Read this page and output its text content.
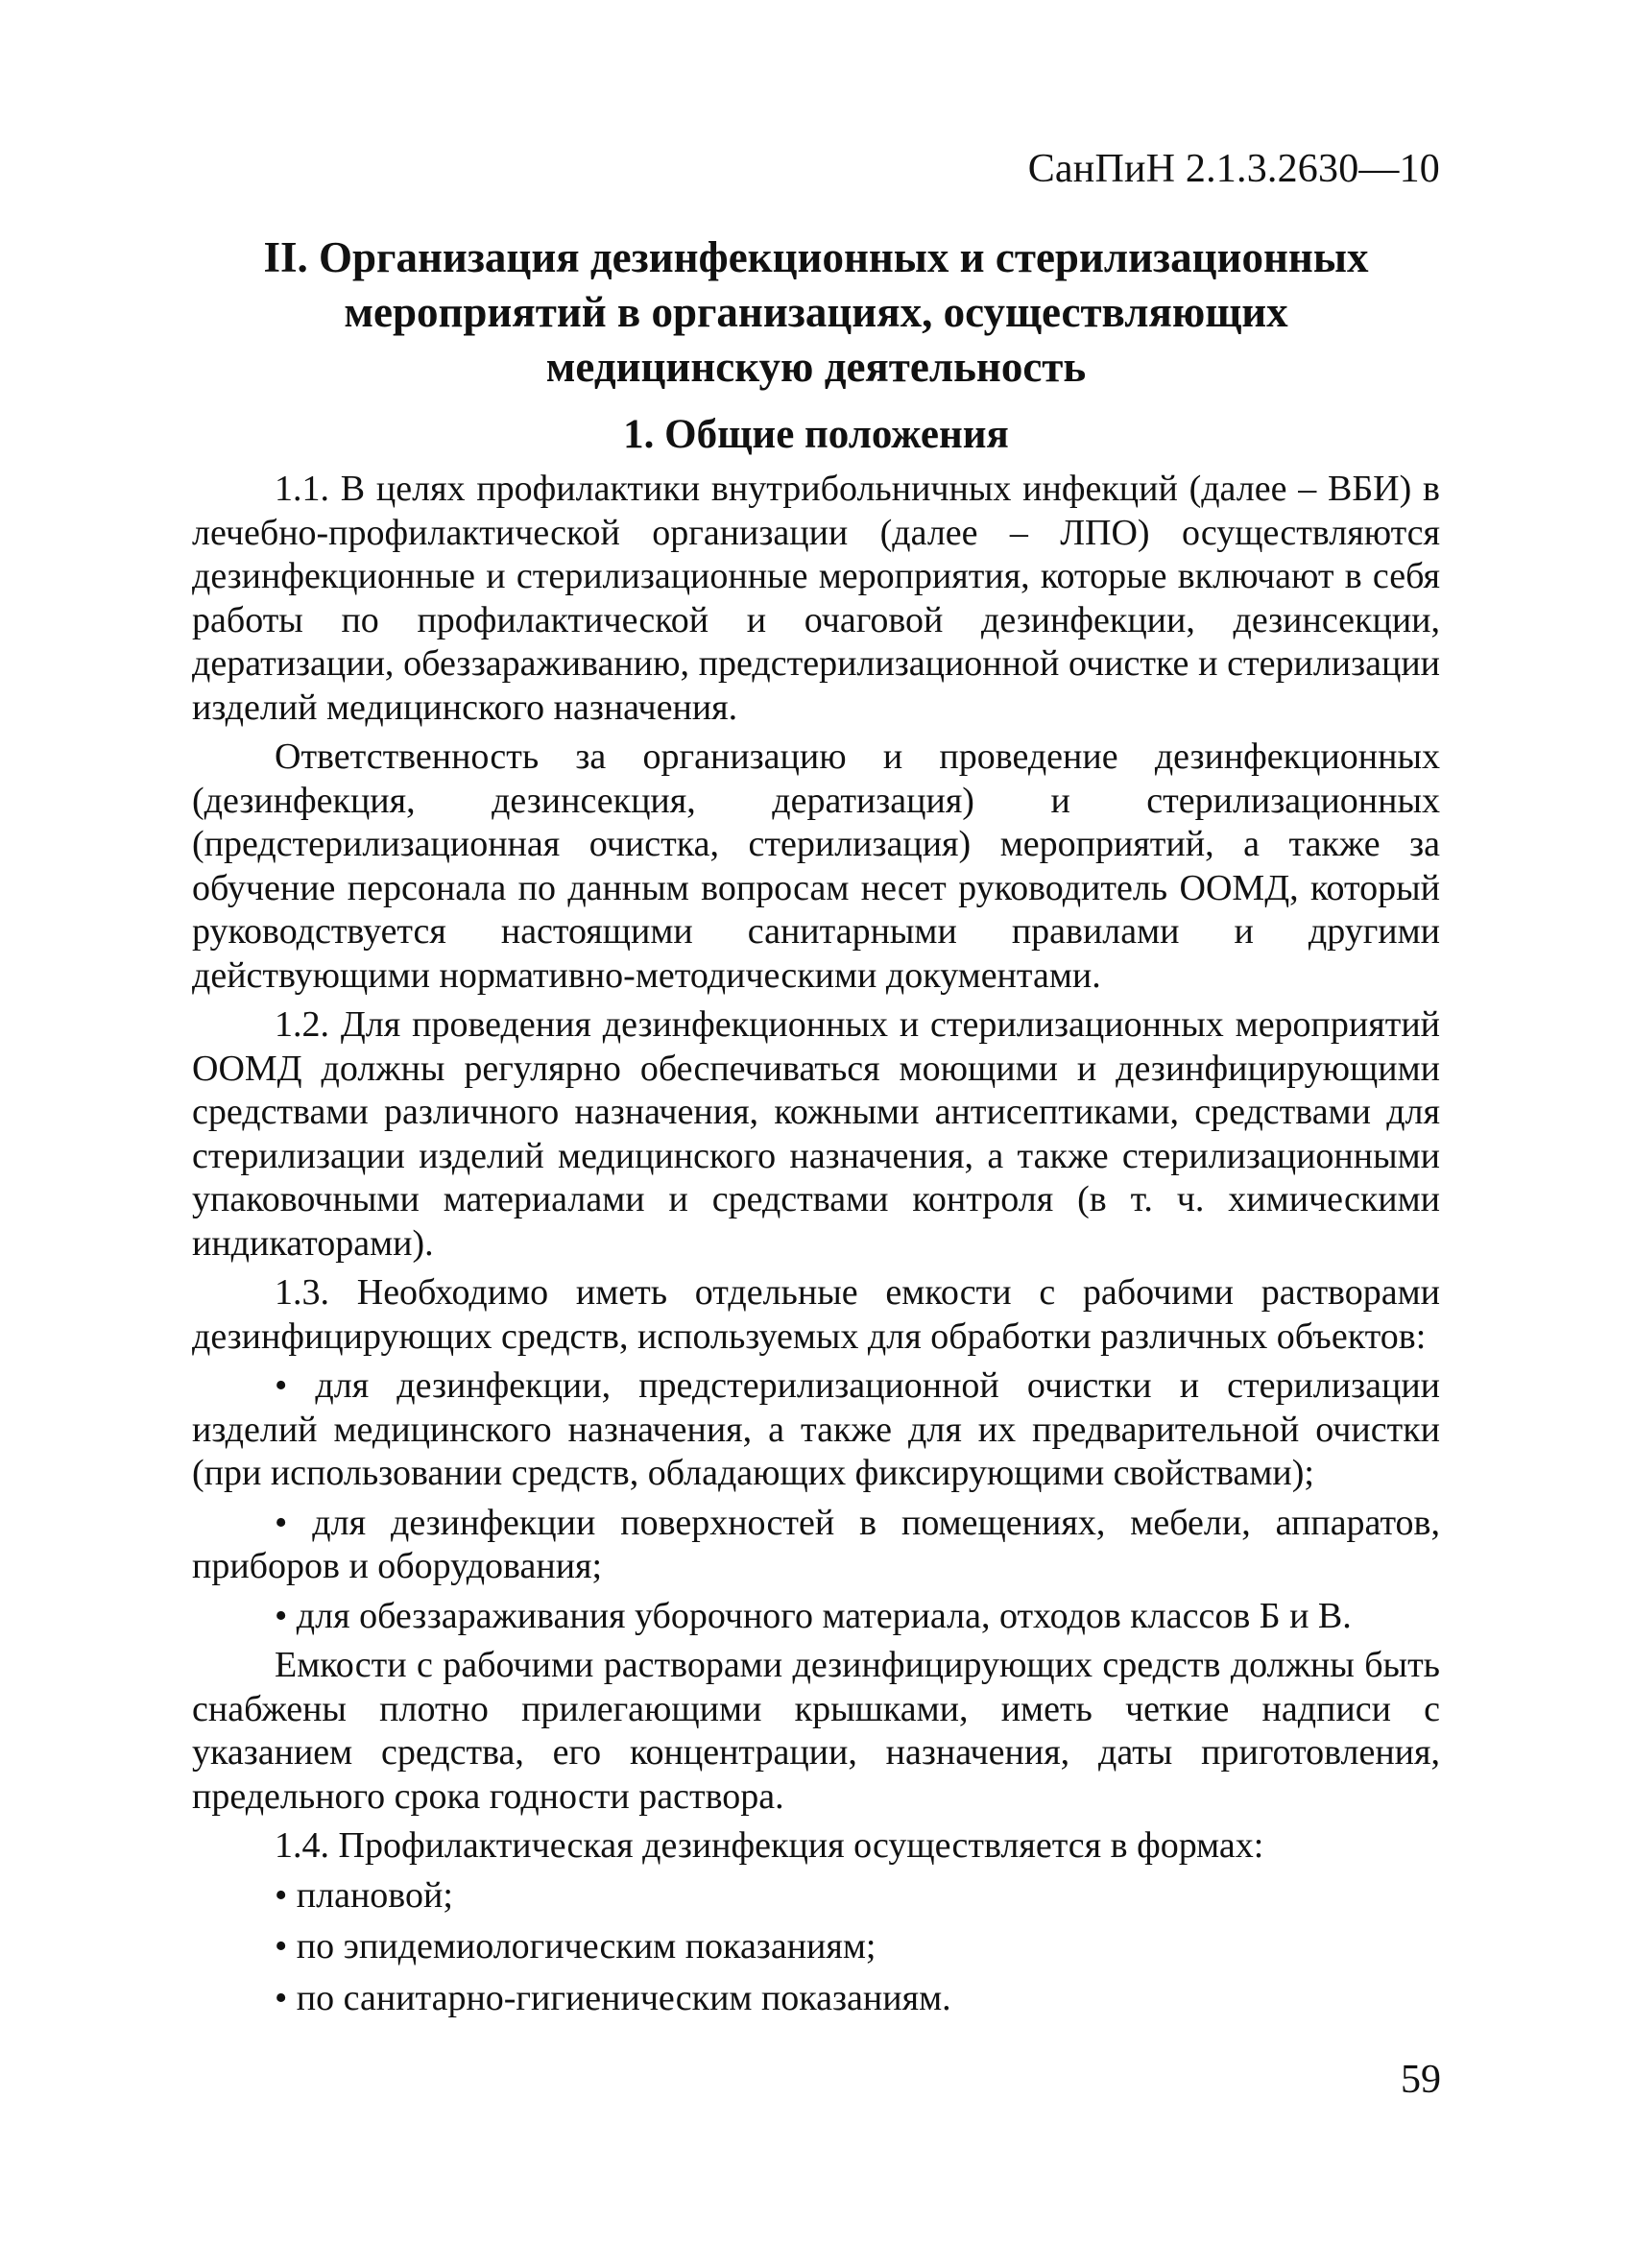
СанПиН 2.1.3.2630—10
II. Организация дезинфекционных и стерилизационных
мероприятий в организациях, осуществляющих
медицинскую деятельность
1. Общие положения

1.1. В целях профилактики внутрибольничных инфекций (далее – ВБИ) в лечебно-профилактической организации (далее – ЛПО) осуществляются дезинфекционные и стерилизационные мероприятия, которые включают в себя работы по профилактической и очаговой дезинфекции, дезинсекции, дератизации, обеззараживанию, предстерилизационной очистке и стерилизации изделий медицинского назначения.

Ответственность за организацию и проведение дезинфекционных (дезинфекция, дезинсекция, дератизация) и стерилизационных (предстерилизационная очистка, стерилизация) мероприятий, а также за обучение персонала по данным вопросам несет руководитель ООМД, который руководствуется настоящими санитарными правилами и другими действующими нормативно-методическими документами.

1.2. Для проведения дезинфекционных и стерилизационных мероприятий ООМД должны регулярно обеспечиваться моющими и дезинфицирующими средствами различного назначения, кожными антисептиками, средствами для стерилизации изделий медицинского назначения, а также стерилизационными упаковочными материалами и средствами контроля (в т. ч. химическими индикаторами).

1.3. Необходимо иметь отдельные емкости с рабочими растворами дезинфицирующих средств, используемых для обработки различных объектов:

• для дезинфекции, предстерилизационной очистки и стерилизации изделий медицинского назначения, а также для их предварительной очистки (при использовании средств, обладающих фиксирующими свойствами);

• для дезинфекции поверхностей в помещениях, мебели, аппаратов, приборов и оборудования;

• для обеззараживания уборочного материала, отходов классов Б и В.

Емкости с рабочими растворами дезинфицирующих средств должны быть снабжены плотно прилегающими крышками, иметь четкие надписи с указанием средства, его концентрации, назначения, даты приготовления, предельного срока годности раствора.

1.4. Профилактическая дезинфекция осуществляется в формах:

• плановой;

• по эпидемиологическим показаниям;

• по санитарно-гигиеническим показаниям.

59
